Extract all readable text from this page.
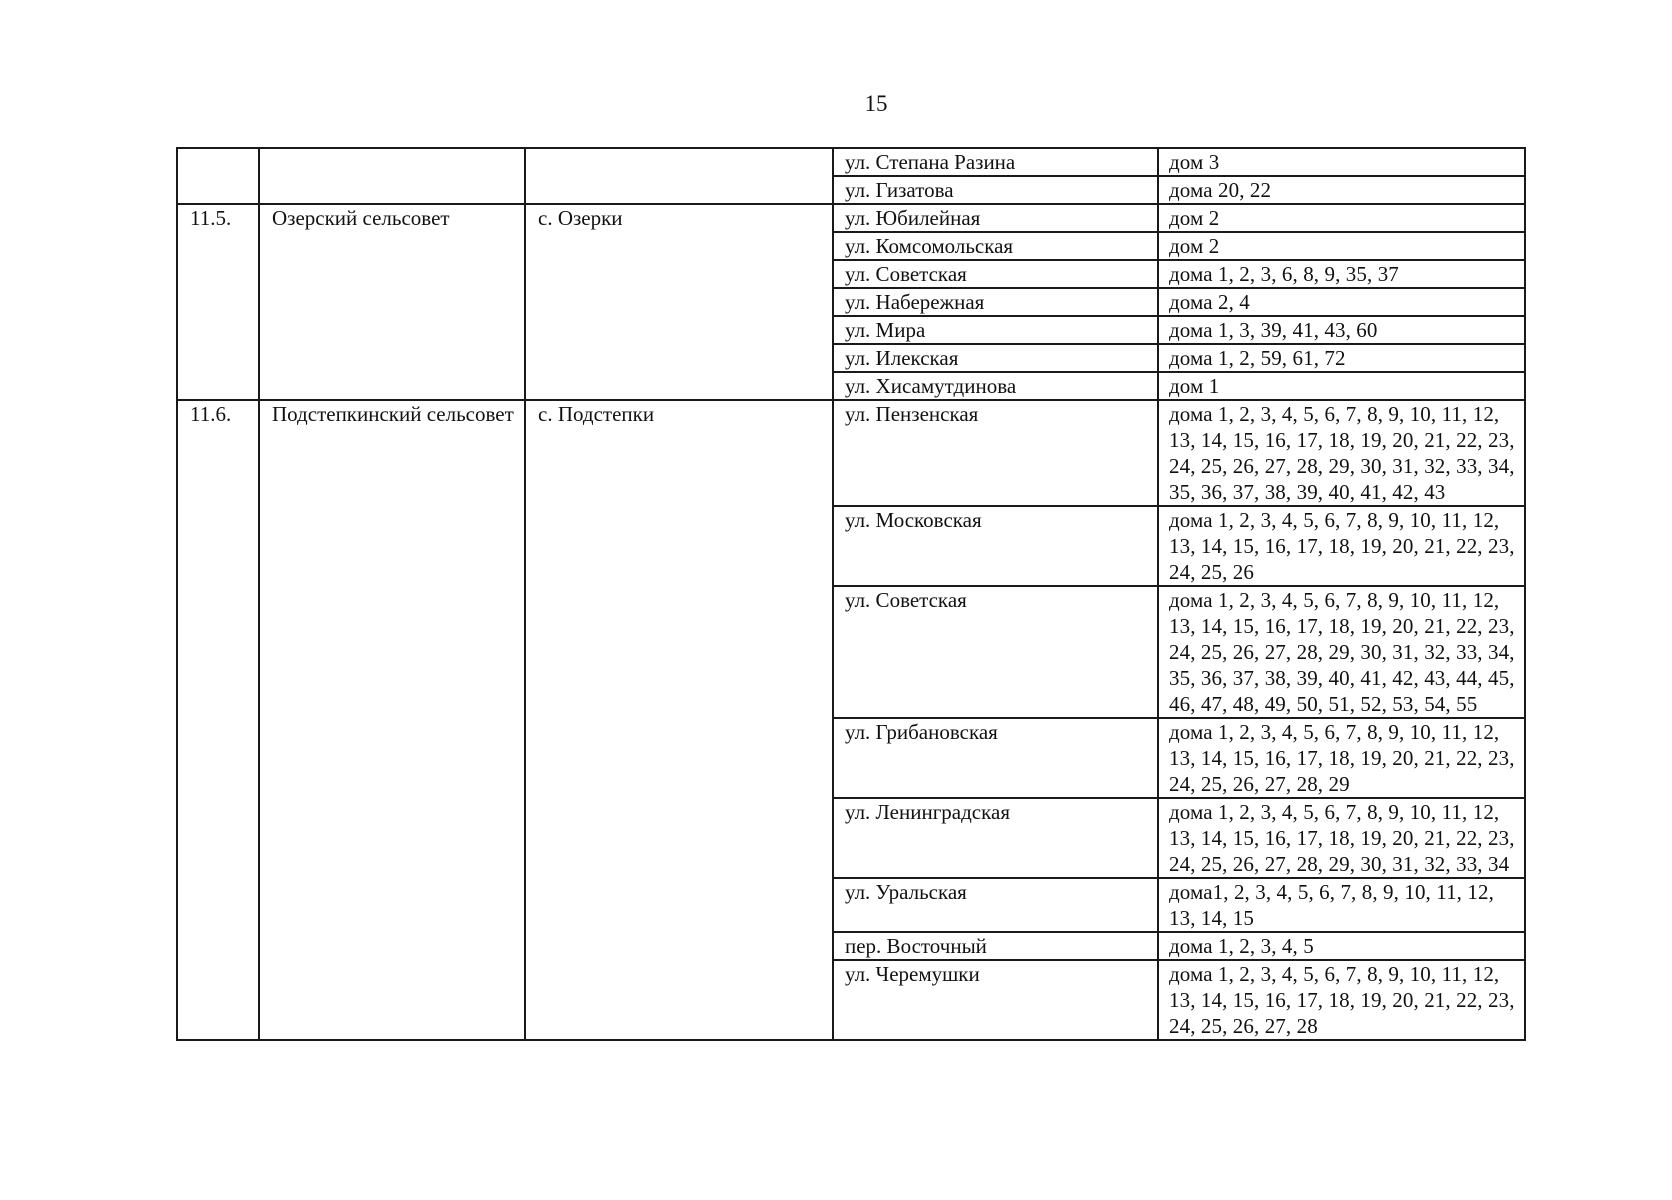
15
			ул. Степана Разина	дом 3
			ул. Гизатова	дома 20, 22
11.5.	Озерский сельсовет	с. Озерки	ул. Юбилейная	дом 2
			ул. Комсомольская	дом 2
			ул. Советская	дома 1, 2, 3, 6, 8, 9, 35, 37
			ул. Набережная	дома 2, 4
			ул. Мира	дома 1, 3, 39, 41, 43, 60
			ул. Илекская	дома 1, 2, 59, 61, 72
			ул. Хисамутдинова	дом 1
11.6.	Подстепкинский сельсовет	с. Подстепки	ул. Пензенская	дома 1, 2, 3, 4, 5, 6, 7, 8, 9, 10, 11, 12, 13, 14, 15, 16, 17, 18, 19, 20, 21, 22, 23, 24, 25, 26, 27, 28, 29, 30, 31, 32, 33, 34, 35, 36, 37, 38, 39, 40, 41, 42, 43
			ул. Московская	дома 1, 2, 3, 4, 5, 6, 7, 8, 9, 10, 11, 12, 13, 14, 15, 16, 17, 18, 19, 20, 21, 22, 23, 24, 25, 26
			ул. Советская	дома 1, 2, 3, 4, 5, 6, 7, 8, 9, 10, 11, 12, 13, 14, 15, 16, 17, 18, 19, 20, 21, 22, 23, 24, 25, 26, 27, 28, 29, 30, 31, 32, 33, 34, 35, 36, 37, 38, 39, 40, 41, 42, 43, 44, 45, 46, 47, 48, 49, 50, 51, 52, 53, 54, 55
			ул. Грибановская	дома 1, 2, 3, 4, 5, 6, 7, 8, 9, 10, 11, 12, 13, 14, 15, 16, 17, 18, 19, 20, 21, 22, 23, 24, 25, 26, 27, 28, 29
			ул. Ленинградская	дома 1, 2, 3, 4, 5, 6, 7, 8, 9, 10, 11, 12, 13, 14, 15, 16, 17, 18, 19, 20, 21, 22, 23, 24, 25, 26, 27, 28, 29, 30, 31, 32, 33, 34
			ул. Уральская	дома1, 2, 3, 4, 5, 6, 7, 8, 9, 10, 11, 12, 13, 14, 15
			пер. Восточный	дома 1, 2, 3, 4, 5
			ул. Черемушки	дома 1, 2, 3, 4, 5, 6, 7, 8, 9, 10, 11, 12, 13, 14, 15, 16, 17, 18, 19, 20, 21, 22, 23, 24, 25, 26, 27, 28
